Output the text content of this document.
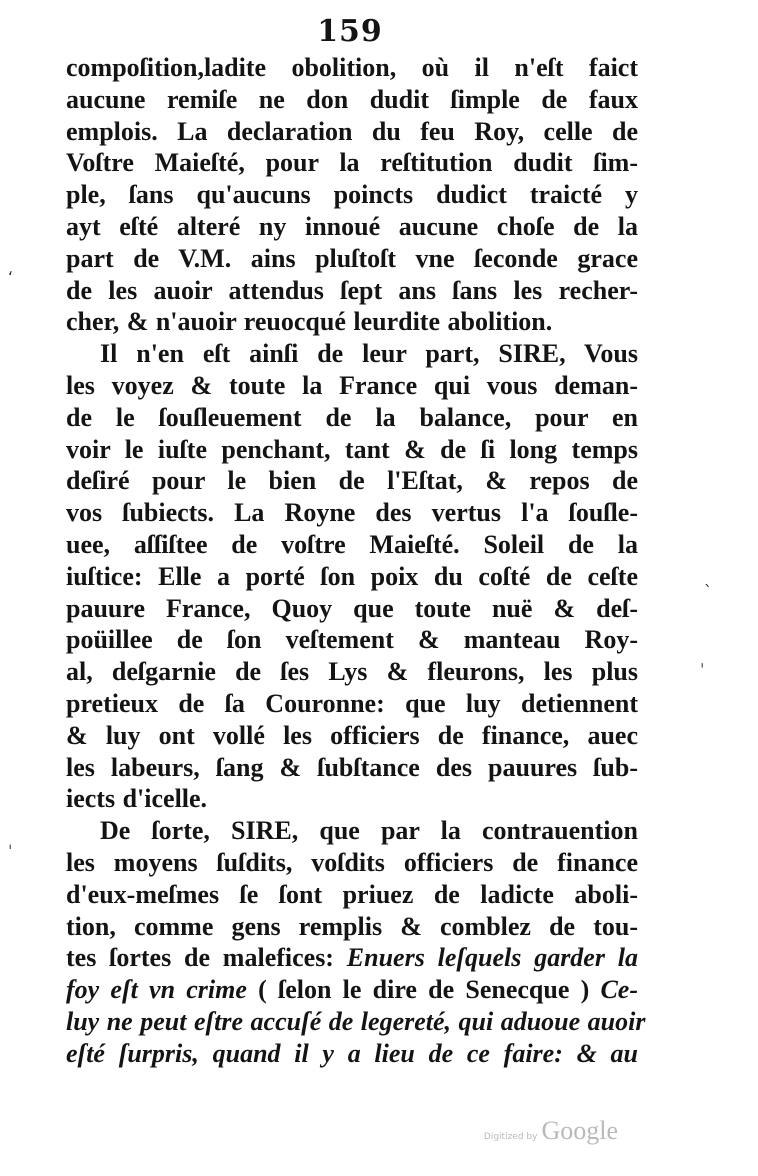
159
compoſition,ladite obolition, où il n'eſt faict
aucune remiſe ne don dudit ſimple de faux
emplois. La declaration du feu Roy, celle de
Voſtre Maieſté, pour la reſtitution dudit ſim-
ple, ſans qu'aucuns poincts dudict traicté y
ayt eſté alteré ny innoué aucune choſe de la
part de V.M. ains pluſtoſt vne ſeconde grace
de les auoir attendus ſept ans ſans les recher-
cher, & n'auoir reuocqué leurdite abolition.
Il n'en eſt ainſi de leur part, SIRE, Vous
les voyez & toute la France qui vous deman-
de le ſouſleuement de la balance, pour en
voir le iuſte penchant, tant & de ſi long temps
deſiré pour le bien de l'Eſtat, & repos de
vos ſubiects. La Royne des vertus l'a ſouſle-
uee, aſſiſtee de voſtre Maieſté. Soleil de la
iuſtice: Elle a porté ſon poix du coſté de ceſte
pauure France, Quoy que toute nuë & deſ-
poüillee de ſon veſtement & manteau Roy-
al, deſgarnie de ſes Lys & fleurons, les plus
pretieux de ſa Couronne: que luy detiennent
& luy ont vollé les officiers de finance, auec
les labeurs, ſang & ſubſtance des pauures ſub-
iects d'icelle.
De ſorte, SIRE, que par la contrauention
les moyens ſuſdits, voſdits officiers de finance
d'eux-meſmes ſe ſont priuez de ladicte aboli-
tion, comme gens remplis & comblez de tou-
tes ſortes de malefices: Enuers leſquels garder la
foy eſt vn crime ( ſelon le dire de Senecque ) Ce-
luy ne peut eſtre accuſé de legereté, qui aduoue auoir
eſté ſurpris, quand il y a lieu de ce faire: & au
ʻ
ˎ
ˈ
ˌ
Digitized by Google
